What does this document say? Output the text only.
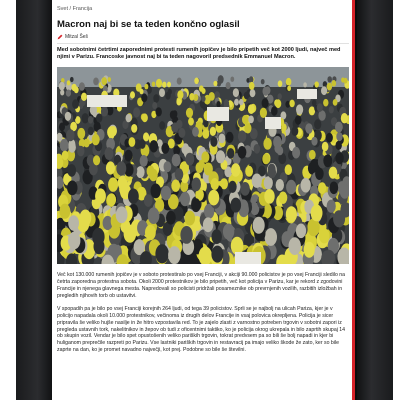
Svet / Francija
Macron naj bi se ta teden končno oglasil
Mitzal Šeš
Med sobotnimi četrtimi zaporednimi protesti rumenih jopičev je bilo pripetih več kot 2000 ljudi, največ med njimi v Parizu. Francoske javnost naj bi ta teden nagovoril predsednik Emmanuel Macron.

Več kot 130.000 rumenih jopičev je v soboto protestiralo po vsej Franciji, v akciji 90.000 policistov je po vsej Franciji sledilo na četrta zaporedna protestna sobota. Okoli 2000 protestnikov je bilo pripetih, več kot policija v Parizu, kar je rekord z zgodovini Francije in njenega glavnega mesta. Napredovali so policisti pridržali posameznike ob prevrnjenih vozilih, razbitih izložbah in pregledih njihovih torb ob ustavitvi.

V spopadih pa je bilo po vsej Franciji korejnih 264 ljudi, od tega 39 policistov. Sprli se je najbolj na ulicah Pariza, kjer je v policijo napadala okoli 10.000 protestnikov, večinoma iz drugih delov Francije in vsaj polovica okrepljena. Policija je sicer pripravila še veliko hujše nasilje in že hitro vzpostavila red. To je zajelo zlasti z varnostno potreben trgovin v sobotni zapori iz pregleda ustavnih tork, nakelitnikov in žepov ob tudi z oficentnimi taktiko, ko je policija okrog ukrepala in bilo zaprtih skupaj 14 ob skupin vozil. Vendar je bilo spet opustošenih veliko pariških trgovin, tokrat predvsem pa so bili še bolj napadi in kjer bi huliganom preprečile razpreti po Parizu. Vse lastniki pariških trgovin in restavracij pa imajo veliko škode že zato, ker so bile zaprte na dan, ko je promet navadno največji, kot prej. Podobne so bile še številni.
